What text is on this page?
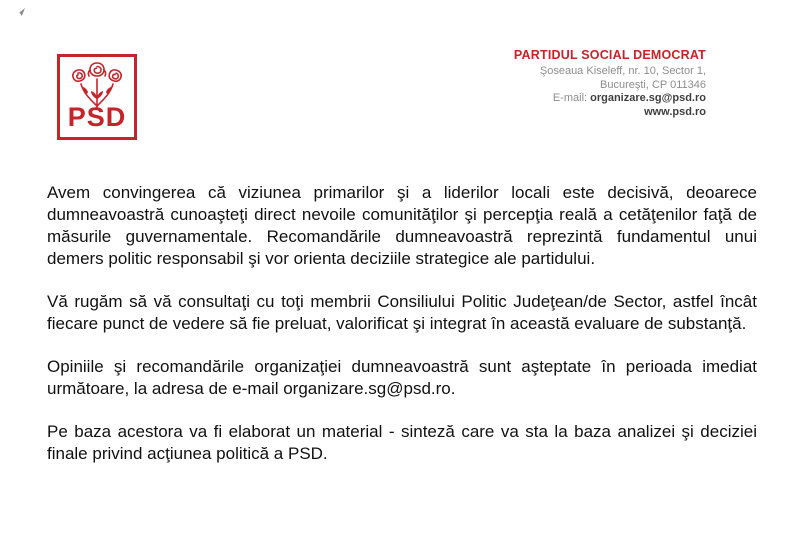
PSD
PARTIDUL SOCIAL DEMOCRAT
Şoseaua Kiseleff, nr. 10, Sector 1,
Bucureşti, CP 011346
E-mail: organizare.sg@psd.ro
www.psd.ro

Avem convingerea că viziunea primarilor şi a liderilor locali este decisivă, deoarece dumneavoastră cunoaşteţi direct nevoile comunităţilor şi percepţia reală a cetăţenilor faţă de măsurile guvernamentale. Recomandările dumneavoastră reprezintă fundamentul unui demers politic responsabil şi vor orienta deciziile strategice ale partidului.

Vă rugăm să vă consultaţi cu toţi membrii Consiliului Politic Judeţean/de Sector, astfel încât fiecare punct de vedere să fie preluat, valorificat şi integrat în această evaluare de substanţă.

Opiniile şi recomandările organizaţiei dumneavoastră sunt aşteptate în perioada imediat următoare, la adresa de e-mail organizare.sg@psd.ro.

Pe baza acestora va fi elaborat un material - sinteză care va sta la baza analizei şi deciziei finale privind acţiunea politică a PSD.
